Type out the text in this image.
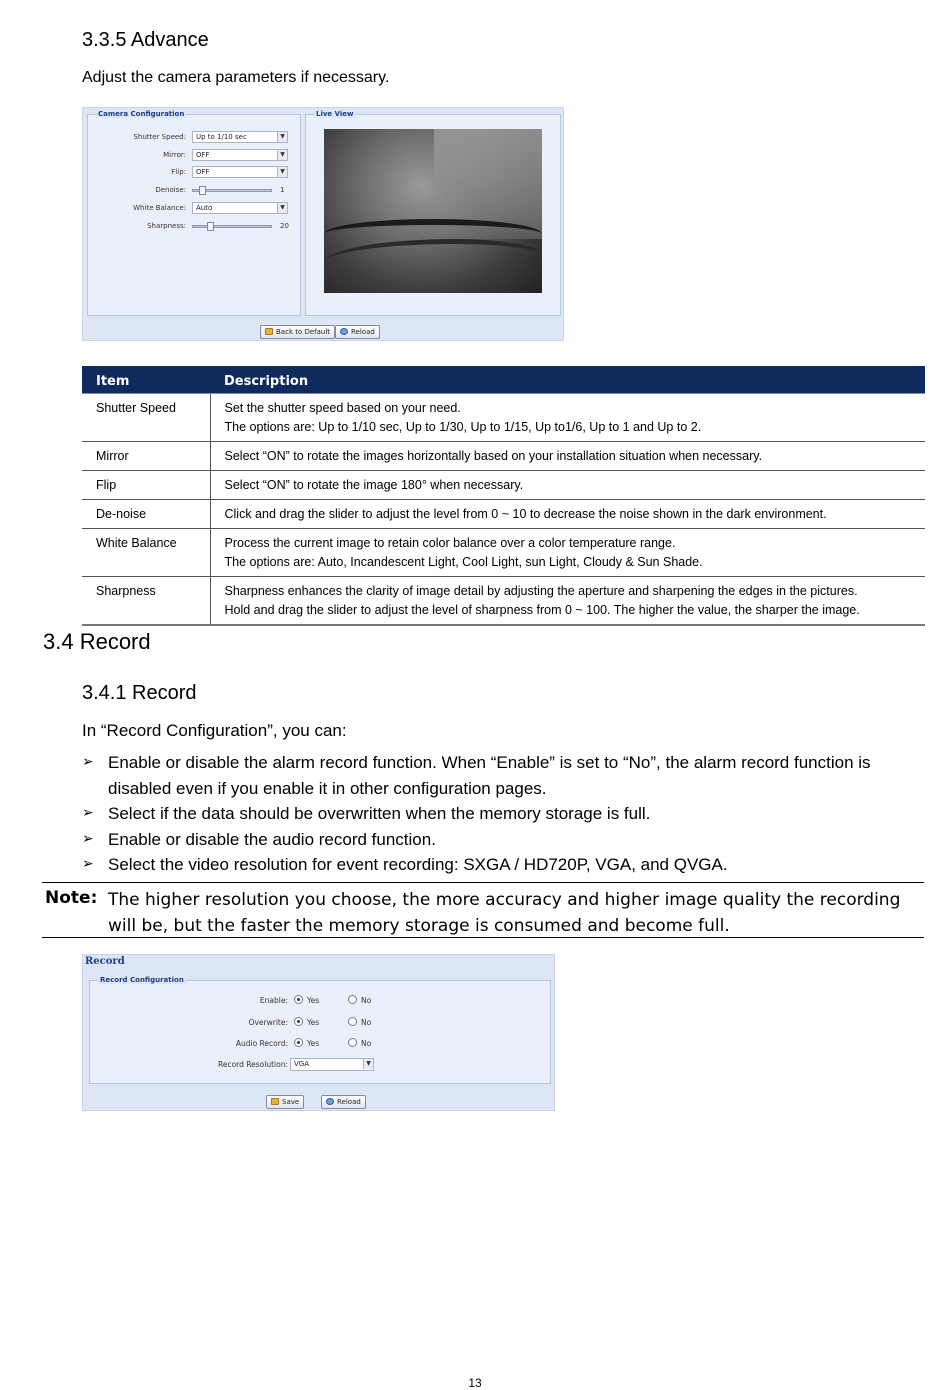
3.3.5 Advance
Adjust the camera parameters if necessary.
Camera Configuration
Shutter Speed:	Up to 1/10 sec	▼
Mirror:	OFF	▼
Flip:	OFF	▼
Denoise:	1
White Balance:	Auto	▼
Sharpness:	20
Live View
Back to Default	Reload
Item	Description
Shutter Speed	Set the shutter speed based on your need.
The options are: Up to 1/10 sec, Up to 1/30, Up to 1/15, Up to1/6, Up to 1 and Up to 2.

Mirror	Select “ON” to rotate the images horizontally based on your installation situation when necessary.
Flip	Select “ON” to rotate the image 180° when necessary.
De-noise	Click and drag the slider to adjust the level from 0 ~ 10 to decrease the noise shown in the dark environment.
White Balance	Process the current image to retain color balance over a color temperature range.
The options are: Auto, Incandescent Light, Cool Light, sun Light, Cloudy & Sun Shade.

Sharpness	Sharpness enhances the clarity of image detail by adjusting the aperture and sharpening the edges in the pictures.
Hold and drag the slider to adjust the level of sharpness from 0 ~ 100. The higher the value, the sharper the image.
3.4 Record
3.4.1 Record
In “Record Configuration”, you can:
➢ Enable or disable the alarm record function. When “Enable” is set to “No”, the alarm record function is disabled even if you enable it in other configuration pages.
➢ Select if the data should be overwritten when the memory storage is full.
➢ Enable or disable the audio record function.
➢ Select the video resolution for event recording: SXGA / HD720P, VGA, and QVGA.
Note: The higher resolution you choose, the more accuracy and higher image quality the recording will be, but the faster the memory storage is consumed and become full.
Record
Record Configuration
Enable:	Yes	No
Overwrite:	Yes	No
Audio Record:	Yes	No
Record Resolution: VGA	▼
Save	Reload
13
